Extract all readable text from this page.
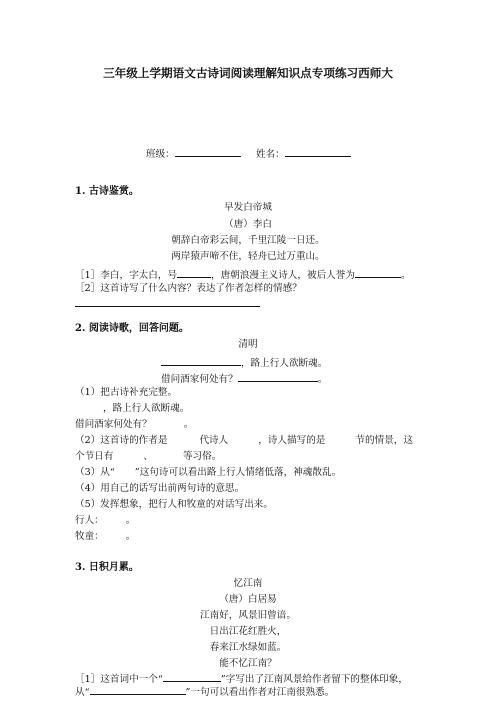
三年级上学期语文古诗词阅读理解知识点专项练习西师大
班级：	姓名：
1. 古诗鉴赏。
早发白帝城
（唐）李白
朝辞白帝彩云间，千里江陵一日还。
两岸猿声啼不住，轻舟已过万重山。
［1］李白，字太白，号	，唐朝浪漫主义诗人，被后人誉为	。
［2］这首诗写了什么内容？表达了作者怎样的情感？
2. 阅读诗歌，回答问题。
清明
，路上行人欲断魂。
借问酒家何处有？	。
（1）把古诗补充完整。
，路上行人欲断魂。
借问酒家何处有？	。
（2）这首诗的作者是	代诗人	，诗人描写的是	节的情景，这
个节日有	、	等习俗。
（3）从“ ”这句诗可以看出路上行人情绪低落，神魂散乱。
（4）用自己的话写出前两句诗的意思。
（5）发挥想象，把行人和牧童的对话写出来。
行人： 。
牧童： 。
3. 日积月累。
忆江南
（唐）白居易
江南好，风景旧曾谙。
日出江花红胜火，
春来江水绿如蓝。
能不忆江南？
［1］这首词中一个“	”字写出了江南风景给作者留下的整体印象，
从“	”一句可以看出作者对江南很熟悉。
